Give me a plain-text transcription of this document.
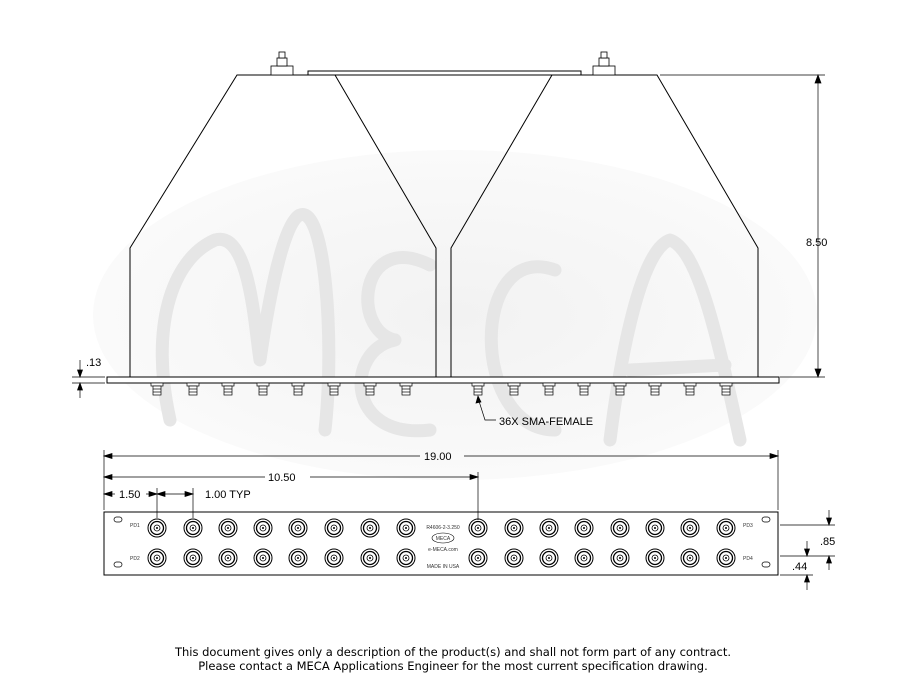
8.50
.13
36X SMA-FEMALE
PD1
PD2
PD3
PD4
R4606-2-3.250
MECA
e-MECA.com
MADE IN USA
19.00
10.50
1.50	1.00 TYP
.85
.44
This document gives only a description of the product(s) and shall not form part of any contract.
Please contact a MECA Applications Engineer for the most current specification drawing.
